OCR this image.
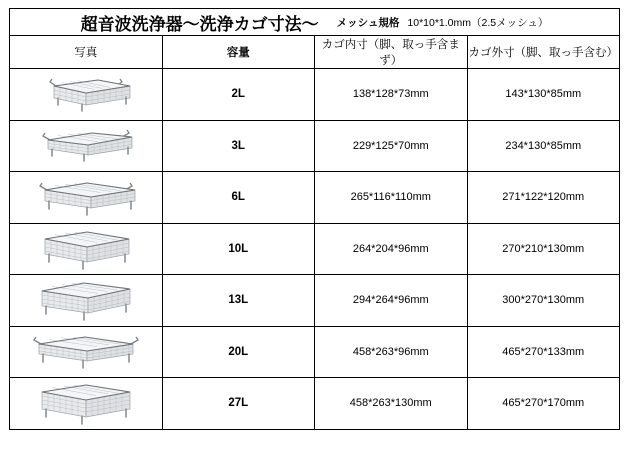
超音波洗浄器～洗浄カゴ寸法～ メッシュ規格 10*10*1.0mm（2.5メッシュ）			
写真	容量	カゴ内寸（脚、取っ手含まず）	カゴ外寸（脚、取っ手含む）

	2L	138*128*73mm	143*130*85mm

	3L	229*125*70mm	234*130*85mm

	6L	265*116*110mm	271*122*120mm

	10L	264*204*96mm	270*210*130mm

	13L	294*264*96mm	300*270*130mm

	20L	458*263*96mm	465*270*133mm

	27L	458*263*130mm	465*270*170mm
